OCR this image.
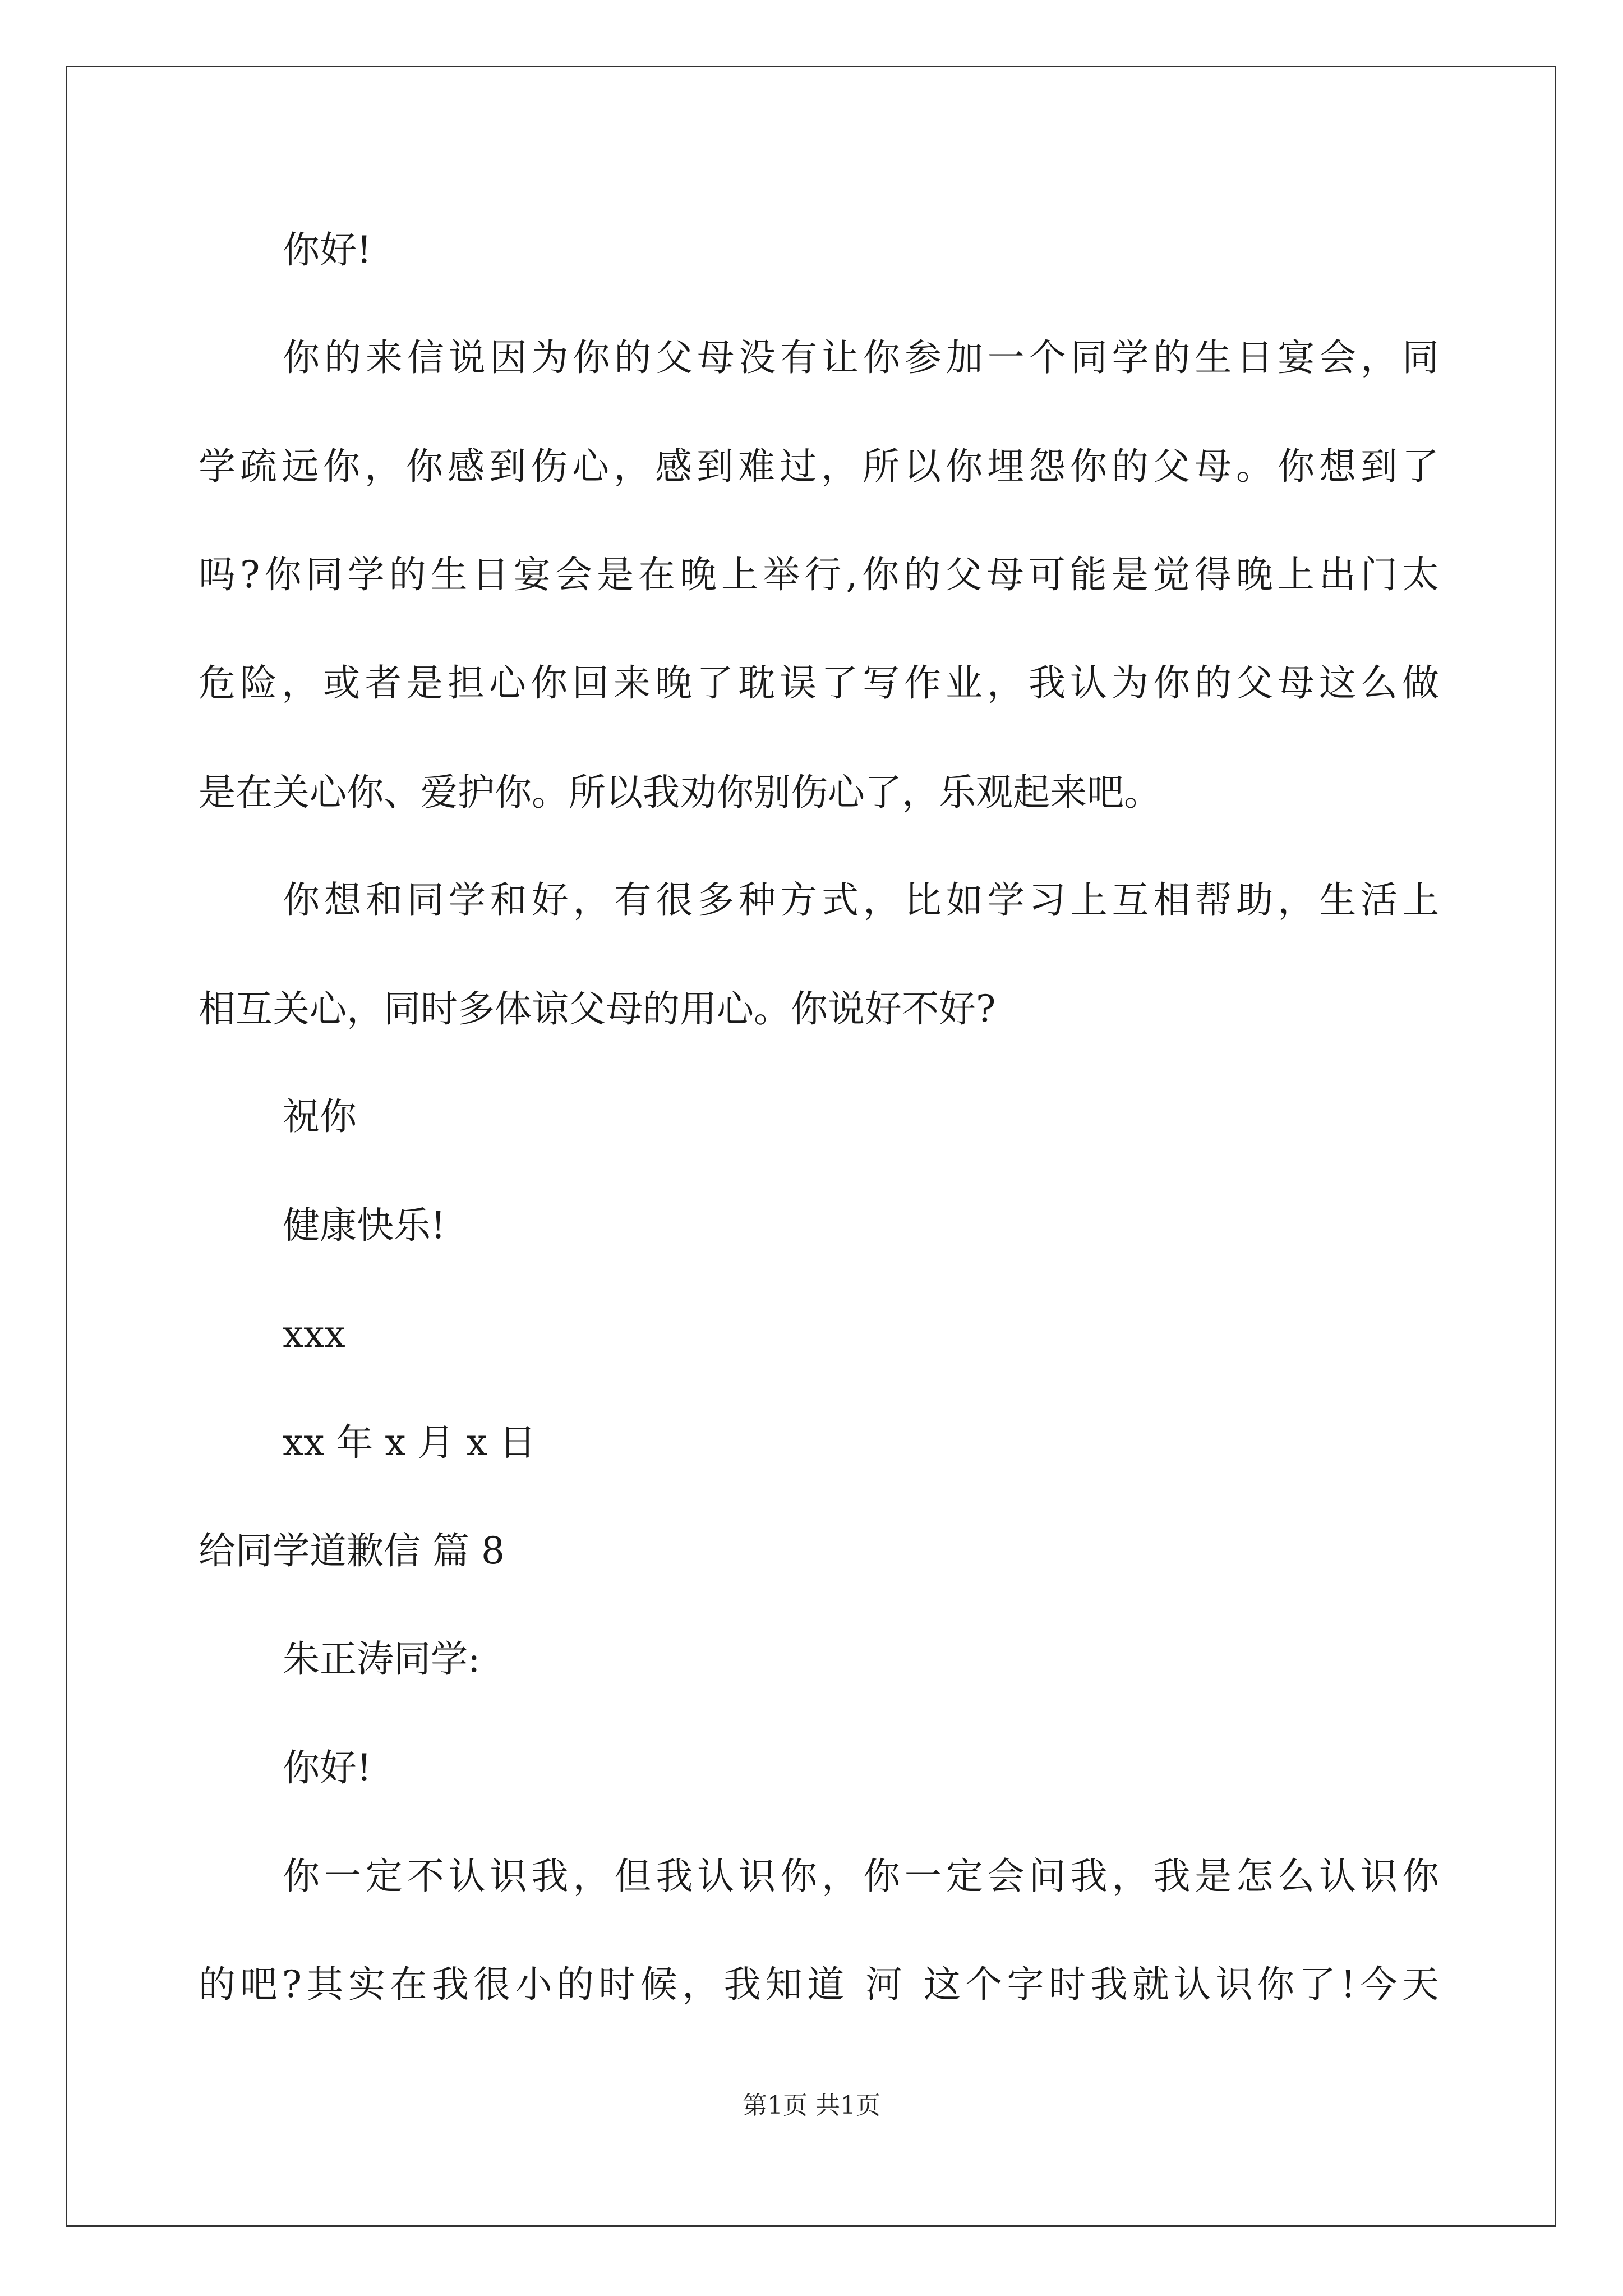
你好!
你的来信说因为你的父母没有让你参加一个同学的生日宴会，同
学疏远你，你感到伤心，感到难过，所以你埋怨你的父母。你想到了
吗?你同学的生日宴会是在晚上举行,你的父母可能是觉得晚上出门太
危险，或者是担心你回来晚了耽误了写作业，我认为你的父母这么做
是在关心你、爱护你。所以我劝你别伤心了，乐观起来吧。
你想和同学和好，有很多种方式，比如学习上互相帮助，生活上
相互关心，同时多体谅父母的用心。你说好不好?
祝你
健康快乐!
xxx
xx 年 x 月 x 日
给同学道歉信 篇 8
朱正涛同学:
你好!
你一定不认识我，但我认识你，你一定会问我，我是怎么认识你
的吧?其实在我很小的时候，我知道 河 这个字时我就认识你了!今天
第1页 共1页
